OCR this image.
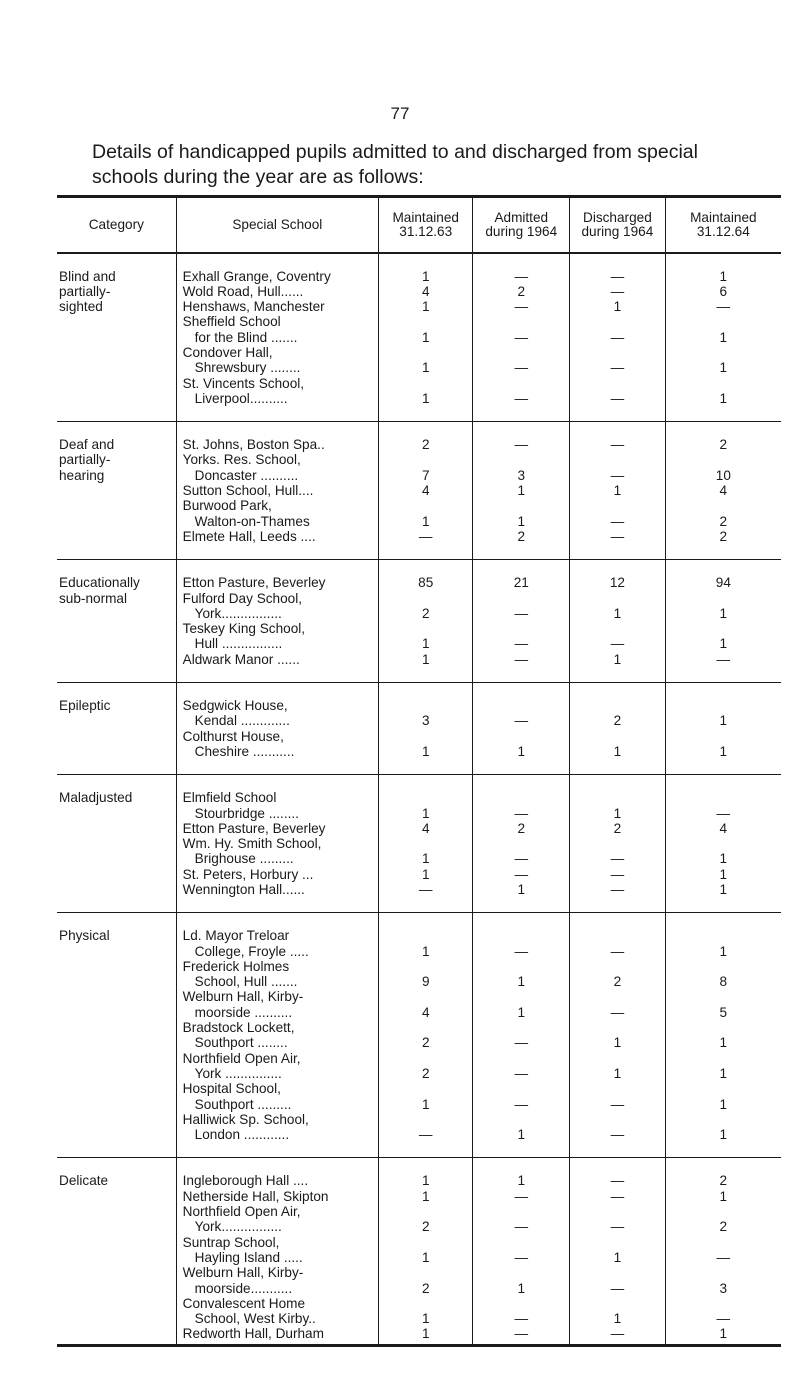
77
Details of handicapped pupils admitted to and discharged from special schools during the year are as follows:
Category	Special School	Maintained 31.12.63	Admitted during 1964	Discharged during 1964	Maintained 31.12.64

Blind and	Exhall Grange, Coventry	1	—	—	1
partially-	Wold Road, Hull......	4	2	—	6
sighted	Henshaws, Manchester	1	—	1	—
	Sheffield School				
	for the Blind .......	1	—	—	1
	Condover Hall,				
	Shrewsbury ........	1	—	—	1
	St. Vincents School,				
	Liverpool..........	1	—	—	1

Deaf and	St. Johns, Boston Spa..	2	—	—	2
partially-	Yorks. Res. School,				
hearing	Doncaster ..........	7	3	—	10
	Sutton School, Hull....	4	1	1	4
	Burwood Park,				
	Walton-on-Thames	1	1	—	2
	Elmete Hall, Leeds ....	—	2	—	2

Educationally	Etton Pasture, Beverley	85	21	12	94
sub-normal	Fulford Day School,				
	York................	2	—	1	1
	Teskey King School,				
	Hull ................	1	—	—	1
	Aldwark Manor ......	1	—	1	—

Epileptic	Sedgwick House,				
	Kendal .............	3	—	2	1
	Colthurst House,				
	Cheshire ...........	1	1	1	1

Maladjusted	Elmfield School				
	Stourbridge ........	1	—	1	—
	Etton Pasture, Beverley	4	2	2	4
	Wm. Hy. Smith School,				
	Brighouse .........	1	—	—	1
	St. Peters, Horbury ...	1	—	—	1
	Wennington Hall......	—	1	—	1

Physical	Ld. Mayor Treloar				
	College, Froyle .....	1	—	—	1
	Frederick Holmes				
	School, Hull .......	9	1	2	8
	Welburn Hall, Kirby-				
	moorside ..........	4	1	—	5
	Bradstock Lockett,				
	Southport ........	2	—	1	1
	Northfield Open Air,				
	York ...............	2	—	1	1
	Hospital School,				
	Southport .........	1	—	—	1
	Halliwick Sp. School,				
	London ............	—	1	—	1

Delicate	Ingleborough Hall ....	1	1	—	2
	Netherside Hall, Skipton	1	—	—	1
	Northfield Open Air,				
	York................	2	—	—	2
	Suntrap School,				
	Hayling Island .....	1	—	1	—
	Welburn Hall, Kirby-				
	moorside...........	2	1	—	3
	Convalescent Home				
	School, West Kirby..	1	—	1	—
	Redworth Hall, Durham	1	—	—	1
